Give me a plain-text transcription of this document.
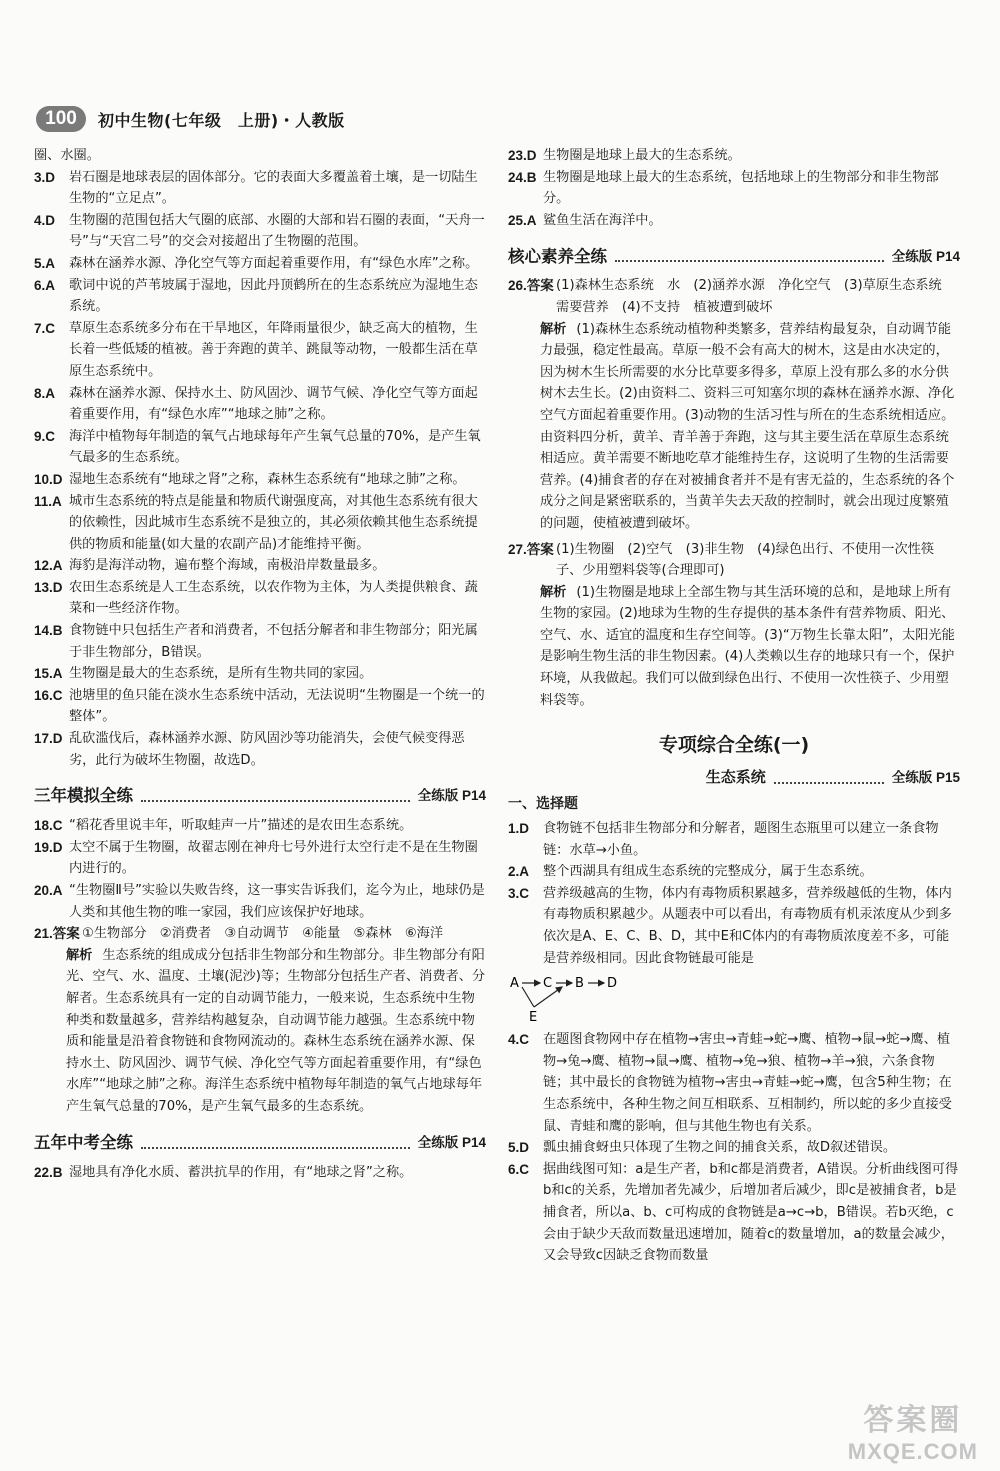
100	初中生物(七年级　上册)・人教版
圈、水圈。
3.D 岩石圈是地球表层的固体部分。它的表面大多覆盖着土壤，是一切陆生生物的“立足点”。
4.D 生物圈的范围包括大气圈的底部、水圈的大部和岩石圈的表面，“天舟一号”与“天宫二号”的交会对接超出了生物圈的范围。
5.A 森林在涵养水源、净化空气等方面起着重要作用，有“绿色水库”之称。
6.A 歌词中说的芦苇坡属于湿地，因此丹顶鹤所在的生态系统应为湿地生态系统。
7.C 草原生态系统多分布在干旱地区，年降雨量很少，缺乏高大的植物，生长着一些低矮的植被。善于奔跑的黄羊、跳鼠等动物，一般都生活在草原生态系统中。
8.A 森林在涵养水源、保持水土、防风固沙、调节气候、净化空气等方面起着重要作用，有“绿色水库”“地球之肺”之称。
9.C 海洋中植物每年制造的氧气占地球每年产生氧气总量的70%，是产生氧气最多的生态系统。
10.D 湿地生态系统有“地球之肾”之称，森林生态系统有“地球之肺”之称。
11.A 城市生态系统的特点是能量和物质代谢强度高，对其他生态系统有很大的依赖性，因此城市生态系统不是独立的，其必须依赖其他生态系统提供的物质和能量(如大量的农副产品)才能维持平衡。
12.A 海豹是海洋动物，遍布整个海域，南极沿岸数量最多。
13.D 农田生态系统是人工生态系统，以农作物为主体，为人类提供粮食、蔬菜和一些经济作物。
14.B 食物链中只包括生产者和消费者，不包括分解者和非生物部分；阳光属于非生物部分，B错误。
15.A 生物圈是最大的生态系统，是所有生物共同的家园。
16.C 池塘里的鱼只能在淡水生态系统中活动，无法说明“生物圈是一个统一的整体”。
17.D 乱砍滥伐后，森林涵养水源、防风固沙等功能消失，会使气候变得恶劣，此行为破坏生物圈，故选D。
三年模拟全练	全练版 P14
18.C “稻花香里说丰年，听取蛙声一片”描述的是农田生态系统。
19.D 太空不属于生物圈，故翟志刚在神舟七号外进行太空行走不是在生物圈内进行的。
20.A “生物圈Ⅱ号”实验以失败告终，这一事实告诉我们，迄今为止，地球仍是人类和其他生物的唯一家园，我们应该保护好地球。
21.答案 ①生物部分　②消费者　③自动调节　④能量　⑤森林　⑥海洋
解析 生态系统的组成成分包括非生物部分和生物部分。非生物部分有阳光、空气、水、温度、土壤(泥沙)等；生物部分包括生产者、消费者、分解者。生态系统具有一定的自动调节能力，一般来说，生态系统中生物种类和数量越多，营养结构越复杂，自动调节能力越强。生态系统中物质和能量是沿着食物链和食物网流动的。森林生态系统在涵养水源、保持水土、防风固沙、调节气候、净化空气等方面起着重要作用，有“绿色水库”“地球之肺”之称。海洋生态系统中植物每年制造的氧气占地球每年产生氧气总量的70%，是产生氧气最多的生态系统。
五年中考全练	全练版 P14
22.B 湿地具有净化水质、蓄洪抗旱的作用，有“地球之肾”之称。
23.D 生物圈是地球上最大的生态系统。
24.B 生物圈是地球上最大的生态系统，包括地球上的生物部分和非生物部分。
25.A 鲨鱼生活在海洋中。
核心素养全练	全练版 P14
26.答案 (1)森林生态系统　水　(2)涵养水源　净化空气　(3)草原生态系统　需要营养　(4)不支持　植被遭到破坏
解析 (1)森林生态系统动植物种类繁多，营养结构最复杂，自动调节能力最强，稳定性最高。草原一般不会有高大的树木，这是由水决定的，因为树木生长所需要的水分比草要多得多，草原上没有那么多的水分供树木去生长。(2)由资料二、资料三可知塞尔坝的森林在涵养水源、净化空气方面起着重要作用。(3)动物的生活习性与所在的生态系统相适应。由资料四分析，黄羊、青羊善于奔跑，这与其主要生活在草原生态系统相适应。黄羊需要不断地吃草才能维持生存，这说明了生物的生活需要营养。(4)捕食者的存在对被捕食者并不是有害无益的，生态系统的各个成分之间是紧密联系的，当黄羊失去天敌的控制时，就会出现过度繁殖的问题，使植被遭到破坏。
27.答案 (1)生物圈　(2)空气　(3)非生物　(4)绿色出行、不使用一次性筷子、少用塑料袋等(合理即可)
解析 (1)生物圈是地球上全部生物与其生活环境的总和，是地球上所有生物的家园。(2)地球为生物的生存提供的基本条件有营养物质、阳光、空气、水、适宜的温度和生存空间等。(3)“万物生长靠太阳”，太阳光能是影响生物生活的非生物因素。(4)人类赖以生存的地球只有一个，保护环境，从我做起。我们可以做到绿色出行、不使用一次性筷子、少用塑料袋等。
专项综合全练(一)
生态系统	全练版 P15
一、选择题
1.D 食物链不包括非生物部分和分解者，题图生态瓶里可以建立一条食物链：水草→小鱼。
2.A 整个西湖具有组成生态系统的完整成分，属于生态系统。
3.C 营养级越高的生物，体内有毒物质积累越多，营养级越低的生物，体内有毒物质积累越少。从题表中可以看出，有毒物质有机汞浓度从少到多依次是A、E、C、B、D，其中E和C体内的有毒物质浓度差不多，可能是营养级相同。因此食物链最可能是
A C B D
E
4.C 在题图食物网中存在植物→害虫→青蛙→蛇→鹰、植物→鼠→蛇→鹰、植物→兔→鹰、植物→鼠→鹰、植物→兔→狼、植物→羊→狼，六条食物链；其中最长的食物链为植物→害虫→青蛙→蛇→鹰，包含5种生物；在生态系统中，各种生物之间互相联系、互相制约，所以蛇的多少直接受鼠、青蛙和鹰的影响，但与其他生物也有关系。
5.D 瓢虫捕食蚜虫只体现了生物之间的捕食关系，故D叙述错误。
6.C 据曲线图可知：a是生产者，b和c都是消费者，A错误。分析曲线图可得b和c的关系，先增加者先减少，后增加者后减少，即c是被捕食者，b是捕食者，所以a、b、c可构成的食物链是a→c→b，B错误。若b灭绝，c会由于缺少天敌而数量迅速增加，随着c的数量增加，a的数量会减少，又会导致c因缺乏食物而数量
答案圈
MXQE.COM
